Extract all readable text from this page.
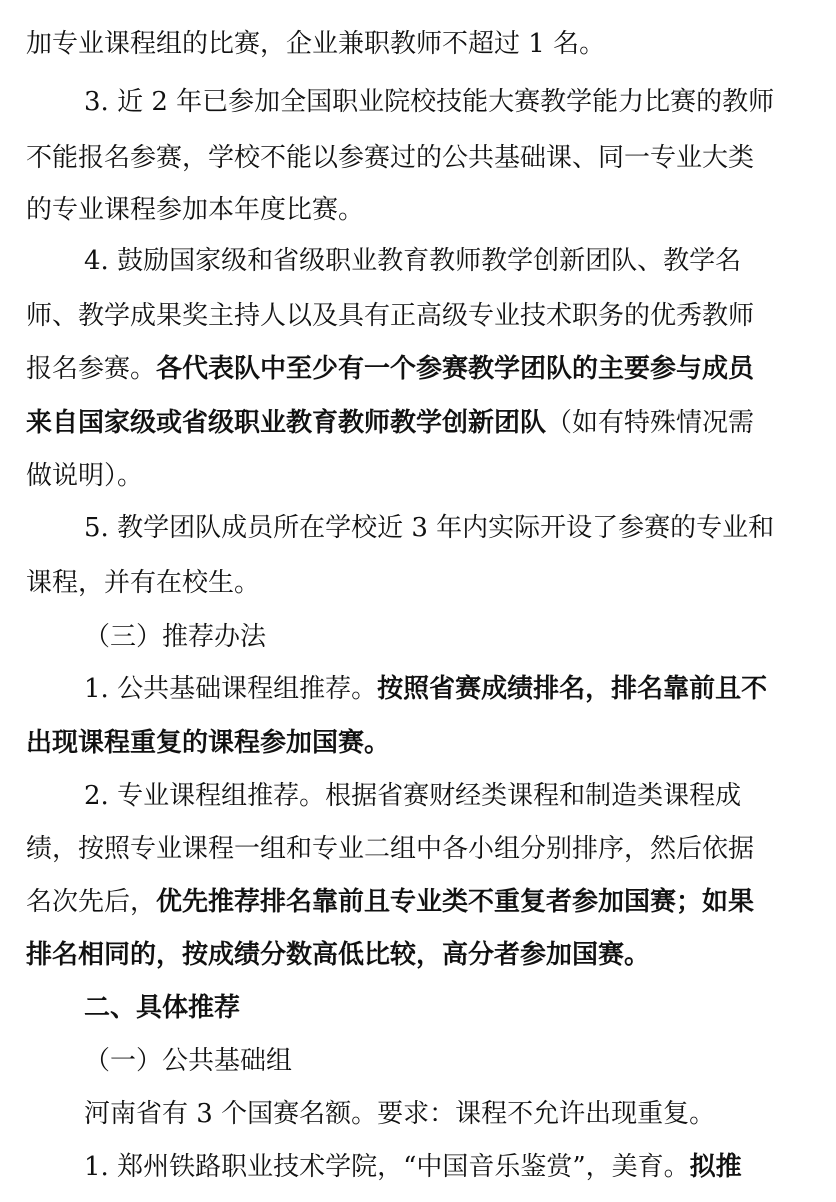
加专业课程组的比赛，企业兼职教师不超过 1 名。
3. 近 2 年已参加全国职业院校技能大赛教学能力比赛的教师
不能报名参赛，学校不能以参赛过的公共基础课、同一专业大类
的专业课程参加本年度比赛。
4. 鼓励国家级和省级职业教育教师教学创新团队、教学名
师、教学成果奖主持人以及具有正高级专业技术职务的优秀教师
报名参赛。 各代表队中至少有一个参赛教学团队的主要参与成员
来自国家级或省级职业教育教师教学创新团队 （如有特殊情况需
做说明）。
5. 教学团队成员所在学校近 3 年内实际开设了参赛的专业和
课程，并有在校生。
（三）推荐办法
1. 公共基础课程组推荐。 按照省赛成绩排名，排名靠前且不
出现课程重复的课程参加国赛。
2. 专业课程组推荐。根据省赛财经类课程和制造类课程成
绩，按照专业课程一组和专业二组中各小组分别排序，然后依据
名次先后， 优先推荐排名靠前且专业类不重复者参加国赛；如果
排名相同的，按成绩分数高低比较，高分者参加国赛。
二、具体推荐
（一）公共基础组
河南省有 3 个国赛名额。要求：课程不允许出现重复。
1. 郑州铁路职业技术学院，“中国音乐鉴赏”，美育。 拟推
